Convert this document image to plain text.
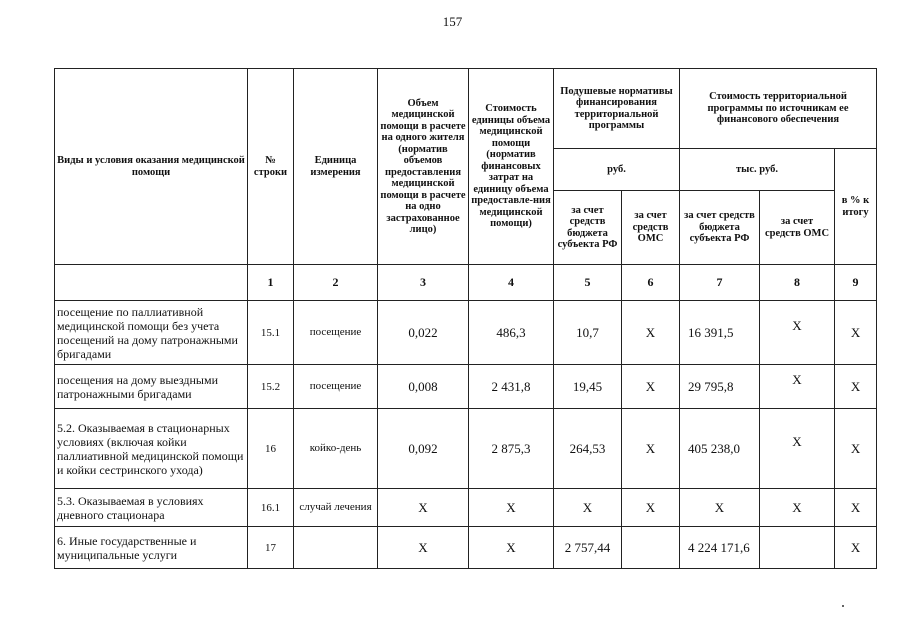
157
Виды и условия оказания медицинской помощи	№ строки	Единица измерения	Объем медицинской помощи в расчете на одного жителя (норматив объемов предоставления медицинской помощи в расчете на одно застрахованное лицо)	Стоимость единицы объема медицинской помощи (норматив финансовых затрат на единицу объема предоставле-ния медицинской помощи)	Подушевые нормативы финансирования территориальной программы		Стоимость территориальной программы по источникам ее финансового обеспечения		
					руб.		тыс. руб.		в % к итогу
					за счет средств бюджета субъекта РФ	за счет средств ОМС	за счет средств бюджета субъекта РФ	за счет средств ОМС	
	1	2	3	4	5	6	7	8	9
посещение по паллиативной медицинской помощи без учета посещений на дому патронажными бригадами	15.1	посещение	0,022	486,3	10,7	Х	16 391,5	Х	Х
посещения на дому выездными патронажными бригадами	15.2	посещение	0,008	2 431,8	19,45	Х	29 795,8	Х	Х
5.2. Оказываемая в стационарных условиях (включая койки паллиативной медицинской помощи и койки сестринского ухода)	16	койко-день	0,092	2 875,3	264,53	Х	405 238,0	Х	Х
5.3. Оказываемая в условиях дневного стационара	16.1	случай лечения	Х	Х	Х	Х	Х	Х	Х
6. Иные государственные и муниципальные услуги	17		Х	Х	2 757,44		4 224 171,6		Х
